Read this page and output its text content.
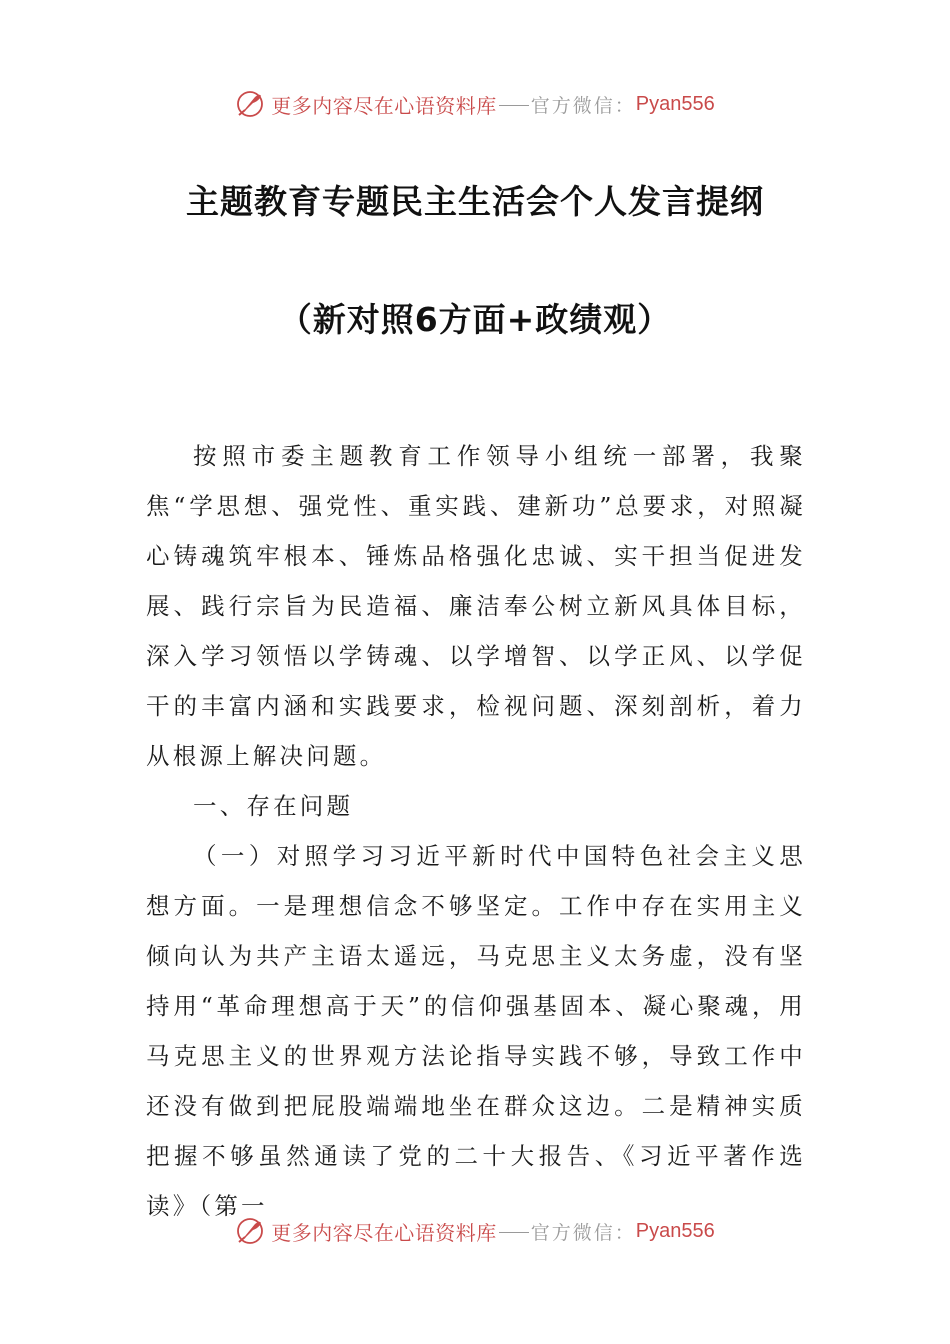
更多内容尽在心语资料库 官方微信： Pyan556
主题教育专题民主生活会个人发言提纲
（新对照6方面+政绩观）

按照市委主题教育工作领导小组统一部署，我聚焦“学思想、强党性、重实践、建新功”总要求，对照凝心铸魂筑牢根本、锤炼品格强化忠诚、实干担当促进发展、践行宗旨为民造福、廉洁奉公树立新风具体目标，深入学习领悟以学铸魂、以学增智、以学正风、以学促干的丰富内涵和实践要求，检视问题、深刻剖析，着力从根源上解决问题。

一、存在问题

（一）对照学习习近平新时代中国特色社会主义思想方面。一是理想信念不够坚定。工作中存在实用主义倾向认为共产主语太遥远，马克思主义太务虚，没有坚持用“革命理想高于天”的信仰强基固本、凝心聚魂，用马克思主义的世界观方法论指导实践不够，导致工作中还没有做到把屁股端端地坐在群众这边。二是精神实质把握不够虽然通读了党的二十大报告、《习近平著作选读》（第一

更多内容尽在心语资料库 官方微信： Pyan556
